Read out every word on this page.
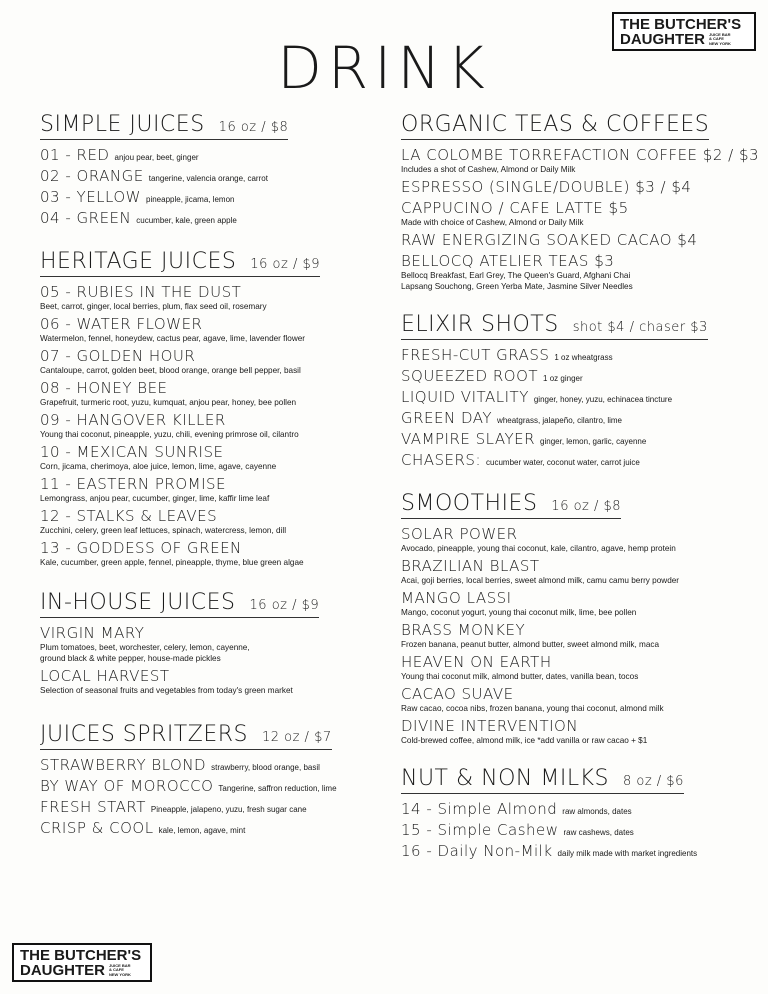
THE BUTCHER'S
DAUGHTER JUICE BAR
& CAFE
NEW YORK
DRINK
SIMPLE JUICES 16 oz / $8
01 - RED anjou pear, beet, ginger
02 - ORANGE tangerine, valencia orange, carrot
03 - YELLOW pineapple, jicama, lemon
04 - GREEN cucumber, kale, green apple
HERITAGE JUICES 16 oz / $9
05 - RUBIES IN THE DUST
Beet, carrot, ginger, local berries, plum, flax seed oil, rosemary
06 - WATER FLOWER
Watermelon, fennel, honeydew, cactus pear, agave, lime, lavender flower
07 - GOLDEN HOUR
Cantaloupe, carrot, golden beet, blood orange, orange bell pepper, basil
08 - HONEY BEE
Grapefruit, turmeric root, yuzu, kumquat, anjou pear, honey, bee pollen
09 - HANGOVER KILLER
Young thai coconut, pineapple, yuzu, chili, evening primrose oil, cilantro
10 - MEXICAN SUNRISE
Corn, jicama, cherimoya, aloe juice, lemon, lime, agave, cayenne
11 - EASTERN PROMISE
Lemongrass, anjou pear, cucumber, ginger, lime, kaffir lime leaf
12 - STALKS & LEAVES
Zucchini, celery, green leaf lettuces, spinach, watercress, lemon, dill
13 - GODDESS OF GREEN
Kale, cucumber, green apple, fennel, pineapple, thyme, blue green algae
IN-HOUSE JUICES 16 oz / $9
VIRGIN MARY
Plum tomatoes, beet, worchester, celery, lemon, cayenne,
ground black & white pepper, house-made pickles
LOCAL HARVEST
Selection of seasonal fruits and vegetables from today's green market
JUICES SPRITZERS 12 oz / $7
STRAWBERRY BLOND strawberry, blood orange, basil
BY WAY OF MOROCCO Tangerine, saffron reduction, lime
FRESH START Pineapple, jalapeno, yuzu, fresh sugar cane
CRISP & COOL kale, lemon, agave, mint
ORGANIC TEAS & COFFEES
LA COLOMBE TORREFACTION COFFEE $2 / $3
Includes a shot of Cashew, Almond or Daily Milk
ESPRESSO (SINGLE/DOUBLE) $3 / $4
CAPPUCINO / CAFE LATTE $5
Made with choice of Cashew, Almond or Daily Milk
RAW ENERGIZING SOAKED CACAO $4
BELLOCQ ATELIER TEAS $3
Bellocq Breakfast, Earl Grey, The Queen's Guard, Afghani Chai
Lapsang Souchong, Green Yerba Mate, Jasmine Silver Needles
ELIXIR SHOTS shot $4 / chaser $3
FRESH-CUT GRASS 1 oz wheatgrass
SQUEEZED ROOT 1 oz ginger
LIQUID VITALITY ginger, honey, yuzu, echinacea tincture
GREEN DAY wheatgrass, jalapeño, cilantro, lime
VAMPIRE SLAYER ginger, lemon, garlic, cayenne
CHASERS: cucumber water, coconut water, carrot juice
SMOOTHIES 16 oz / $8
SOLAR POWER
Avocado, pineapple, young thai coconut, kale, cilantro, agave, hemp protein
BRAZILIAN BLAST
Acai, goji berries, local berries, sweet almond milk, camu camu berry powder
MANGO LASSI
Mango, coconut yogurt, young thai coconut milk, lime, bee pollen
BRASS MONKEY
Frozen banana, peanut butter, almond butter, sweet almond milk, maca
HEAVEN ON EARTH
Young thai coconut milk, almond butter, dates, vanilla bean, tocos
CACAO SUAVE
Raw cacao, cocoa nibs, frozen banana, young thai coconut, almond milk
DIVINE INTERVENTION
Cold-brewed coffee, almond milk, ice *add vanilla or raw cacao + $1
NUT & NON MILKS 8 oz / $6
14 - Simple Almond raw almonds, dates
15 - Simple Cashew raw cashews, dates
16 - Daily Non-Milk daily milk made with market ingredients
THE BUTCHER'S
DAUGHTER JUICE BAR
& CAFE
NEW YORK
